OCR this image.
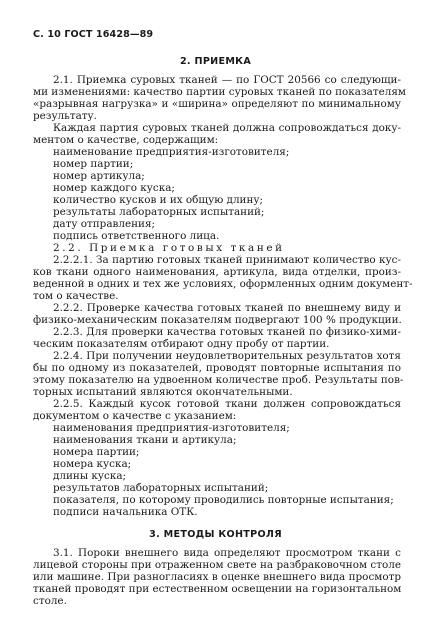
С. 10 ГОСТ 16428—89
2. ПРИЕМКА
2.1. Приемка суровых тканей — по ГОСТ 20566 со следующи-
ми изменениями: качество партии суровых тканей по показателям
«разрывная нагрузка» и «ширина» определяют по минимальному
результату.
Каждая партия суровых тканей должна сопровождаться доку-
ментом о качестве, содержащим:
наименование предприятия-изготовителя;
номер партии;
номер артикула;
номер каждого куска;
количество кусков и их общую длину;
результаты лабораторных испытаний;
дату отправления;
подпись ответственного лица.
2.2. Приемка готовых тканей
2.2.2.1. За партию готовых тканей принимают количество кус-
ков ткани одного наименования, артикула, вида отделки, произ-
веденной в одних и тех же условиях, оформленных одним документ-
том о качестве.
2.2.2. Проверке качества готовых тканей по внешнему виду и
физико-механическим показателям подвергают 100 % продукции.
2.2.3. Для проверки качества готовых тканей по физико-хими-
ческим показателям отбирают одну пробу от партии.
2.2.4. При получении неудовлетворительных результатов хотя
бы по одному из показателей, проводят повторные испытания по
этому показателю на удвоенном количестве проб. Результаты пов-
торных испытаний являются окончательными.
2.2.5. Каждый кусок готовой ткани должен сопровождаться
документом о качестве с указанием:
наименования предприятия-изготовителя;
наименования ткани и артикула;
номера партии;
номера куска;
длины куска;
результатов лабораторных испытаний;
показателя, по которому проводились повторные испытания;
подписи начальника ОТК.
3. МЕТОДЫ КОНТРОЛЯ
3.1. Пороки внешнего вида определяют просмотром ткани с
лицевой стороны при отраженном свете на разбраковочном столе
или машине. При разногласиях в оценке внешнего вида просмотр
тканей проводят при естественном освещении на горизонтальном
столе.
